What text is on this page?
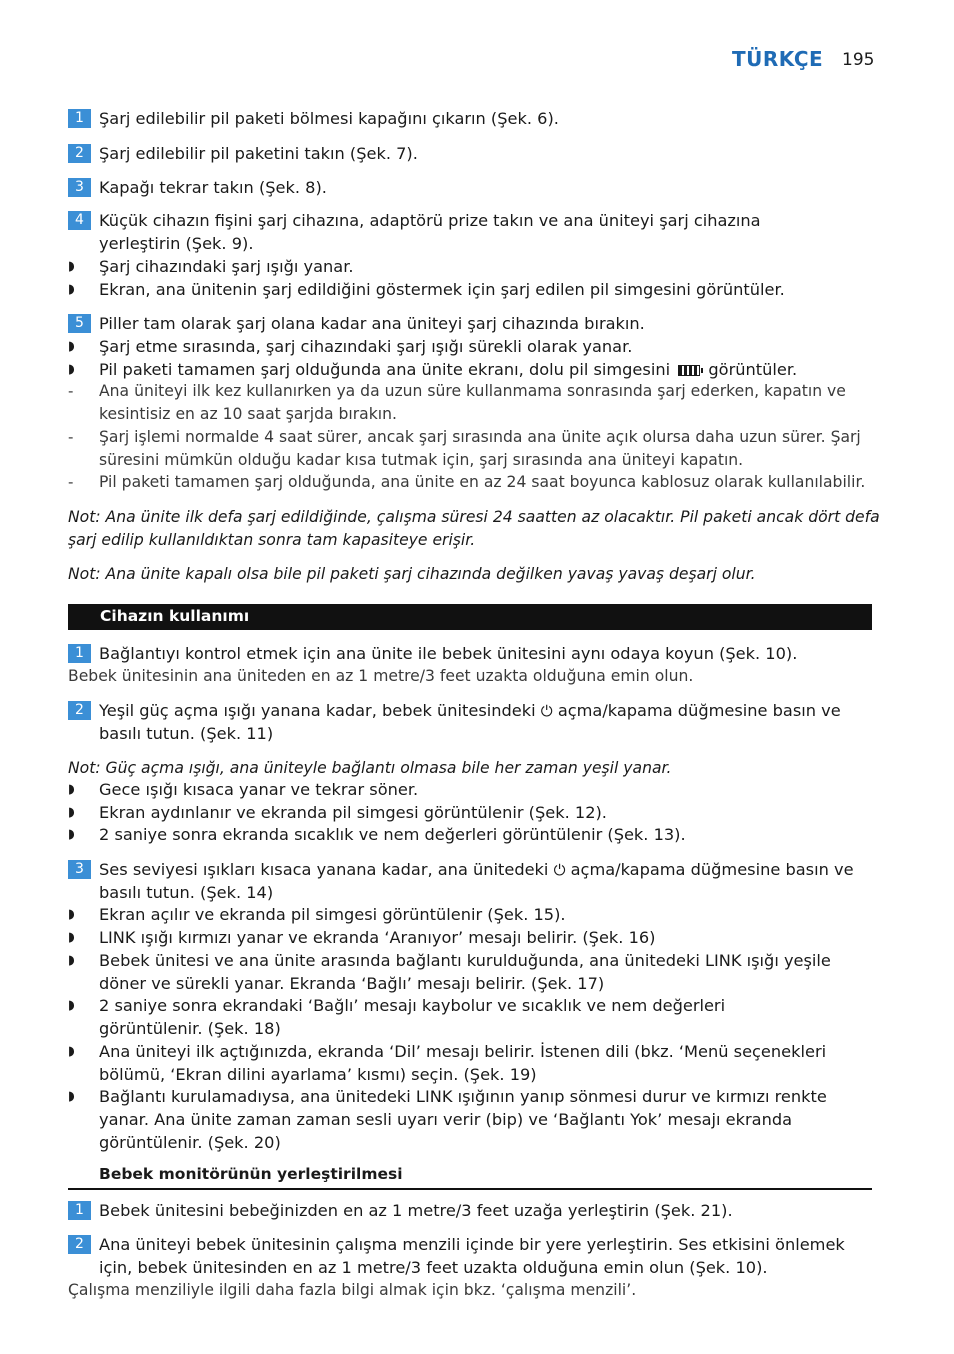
TÜRKÇE 195
1 Şarj edilebilir pil paketi bölmesi kapağını çıkarın (Şek. 6).
2 Şarj edilebilir pil paketini takın (Şek. 7).
3 Kapağı tekrar takın (Şek. 8).
4 Küçük cihazın fişini şarj cihazına, adaptörü prize takın ve ana üniteyi şarj cihazına
yerleştirin (Şek. 9).
◗ Şarj cihazındaki şarj ışığı yanar.
◗ Ekran, ana ünitenin şarj edildiğini göstermek için şarj edilen pil simgesini görüntüler.
5 Piller tam olarak şarj olana kadar ana üniteyi şarj cihazında bırakın.
◗ Şarj etme sırasında, şarj cihazındaki şarj ışığı sürekli olarak yanar.
◗ Pil paketi tamamen şarj olduğunda ana ünite ekranı, dolu pil simgesini görüntüler.
- Ana üniteyi ilk kez kullanırken ya da uzun süre kullanmama sonrasında şarj ederken, kapatın ve
kesintisiz en az 10 saat şarjda bırakın.
- Şarj işlemi normalde 4 saat sürer, ancak şarj sırasında ana ünite açık olursa daha uzun sürer. Şarj
süresini mümkün olduğu kadar kısa tutmak için, şarj sırasında ana üniteyi kapatın.
- Pil paketi tamamen şarj olduğunda, ana ünite en az 24 saat boyunca kablosuz olarak kullanılabilir.
Not: Ana ünite ilk defa şarj edildiğinde, çalışma süresi 24 saatten az olacaktır. Pil paketi ancak dört defa
şarj edilip kullanıldıktan sonra tam kapasiteye erişir.
Not: Ana ünite kapalı olsa bile pil paketi şarj cihazında değilken yavaş yavaş deşarj olur.
Cihazın kullanımı
1 Bağlantıyı kontrol etmek için ana ünite ile bebek ünitesini aynı odaya koyun (Şek. 10).
Bebek ünitesinin ana üniteden en az 1 metre/3 feet uzakta olduğuna emin olun.
2 Yeşil güç açma ışığı yanana kadar, bebek ünitesindeki ⏻ açma/kapama düğmesine basın ve
basılı tutun. (Şek. 11)
Not: Güç açma ışığı, ana üniteyle bağlantı olmasa bile her zaman yeşil yanar.
◗ Gece ışığı kısaca yanar ve tekrar söner.
◗ Ekran aydınlanır ve ekranda pil simgesi görüntülenir (Şek. 12).
◗ 2 saniye sonra ekranda sıcaklık ve nem değerleri görüntülenir (Şek. 13).
3 Ses seviyesi ışıkları kısaca yanana kadar, ana ünitedeki ⏻ açma/kapama düğmesine basın ve
basılı tutun. (Şek. 14)
◗ Ekran açılır ve ekranda pil simgesi görüntülenir (Şek. 15).
◗ LINK ışığı kırmızı yanar ve ekranda ‘Aranıyor’ mesajı belirir. (Şek. 16)
◗ Bebek ünitesi ve ana ünite arasında bağlantı kurulduğunda, ana ünitedeki LINK ışığı yeşile
döner ve sürekli yanar. Ekranda ‘Bağlı’ mesajı belirir. (Şek. 17)
◗ 2 saniye sonra ekrandaki ‘Bağlı’ mesajı kaybolur ve sıcaklık ve nem değerleri
görüntülenir. (Şek. 18)
◗ Ana üniteyi ilk açtığınızda, ekranda ‘Dil’ mesajı belirir. İstenen dili (bkz. ‘Menü seçenekleri
bölümü, ‘Ekran dilini ayarlama’ kısmı) seçin. (Şek. 19)
◗ Bağlantı kurulamadıysa, ana ünitedeki LINK ışığının yanıp sönmesi durur ve kırmızı renkte
yanar. Ana ünite zaman zaman sesli uyarı verir (bip) ve ‘Bağlantı Yok’ mesajı ekranda
görüntülenir. (Şek. 20)
Bebek monitörünün yerleştirilmesi
1 Bebek ünitesini bebeğinizden en az 1 metre/3 feet uzağa yerleştirin (Şek. 21).
2 Ana üniteyi bebek ünitesinin çalışma menzili içinde bir yere yerleştirin. Ses etkisini önlemek
için, bebek ünitesinden en az 1 metre/3 feet uzakta olduğuna emin olun (Şek. 10).
Çalışma menziliyle ilgili daha fazla bilgi almak için bkz. ‘çalışma menzili’.
